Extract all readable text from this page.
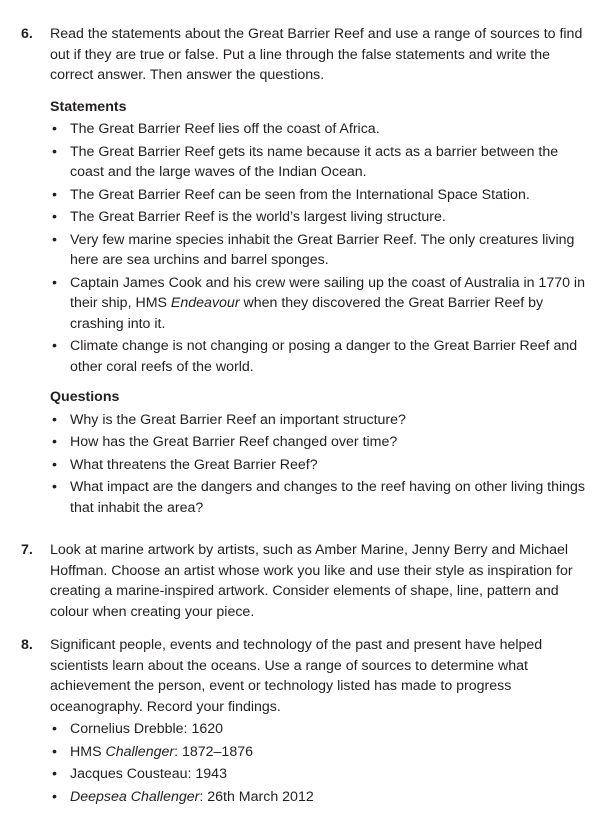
6. Read the statements about the Great Barrier Reef and use a range of sources to find out if they are true or false. Put a line through the false statements and write the correct answer. Then answer the questions.

Statements

• The Great Barrier Reef lies off the coast of Africa.
• The Great Barrier Reef gets its name because it acts as a barrier between the coast and the large waves of the Indian Ocean.
• The Great Barrier Reef can be seen from the International Space Station.
• The Great Barrier Reef is the world’s largest living structure.
• Very few marine species inhabit the Great Barrier Reef. The only creatures living here are sea urchins and barrel sponges.
• Captain James Cook and his crew were sailing up the coast of Australia in 1770 in their ship, HMS Endeavour when they discovered the Great Barrier Reef by crashing into it.
• Climate change is not changing or posing a danger to the Great Barrier Reef and other coral reefs of the world.

Questions

• Why is the Great Barrier Reef an important structure?
• How has the Great Barrier Reef changed over time?
• What threatens the Great Barrier Reef?
• What impact are the dangers and changes to the reef having on other living things that inhabit the area?
7. Look at marine artwork by artists, such as Amber Marine, Jenny Berry and Michael Hoffman. Choose an artist whose work you like and use their style as inspiration for creating a marine-inspired artwork. Consider elements of shape, line, pattern and colour when creating your piece.

8. Significant people, events and technology of the past and present have helped scientists learn about the oceans. Use a range of sources to determine what achievement the person, event or technology listed has made to progress oceanography. Record your findings.

• Cornelius Drebble: 1620
• HMS Challenger: 1872–1876
• Jacques Cousteau: 1943
• Deepsea Challenger: 26th March 2012
